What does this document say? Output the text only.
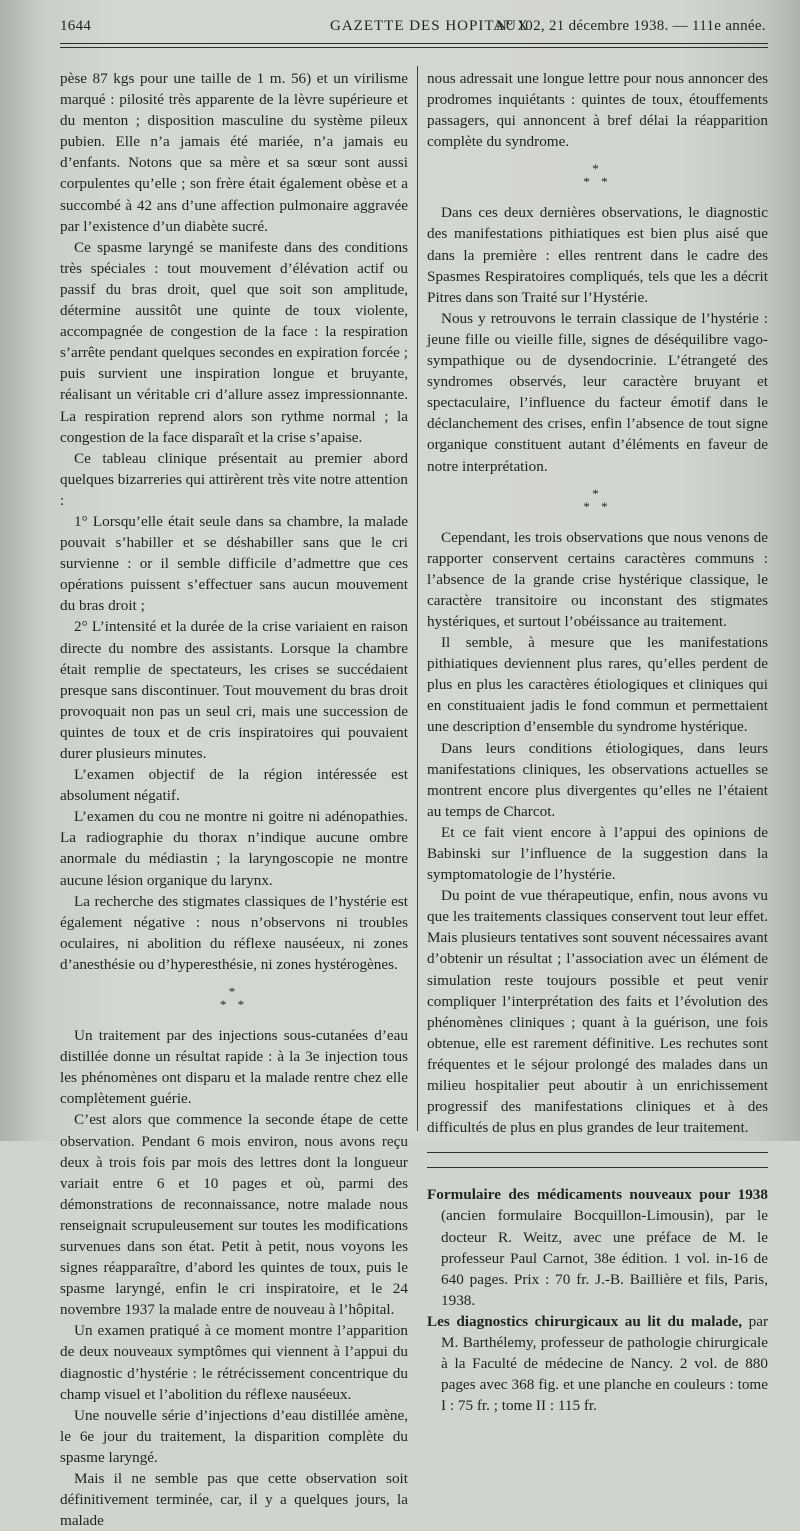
1644	GAZETTE DES HOPITAUX
N° 102, 21 décembre 1938. — 111e année.

pèse 87 kgs pour une taille de 1 m. 56) et un virilisme marqué : pilosité très apparente de la lèvre supérieure et du menton ; disposition masculine du système pileux pubien. Elle n’a jamais été mariée, n’a jamais eu d’enfants. Notons que sa mère et sa sœur sont aussi corpulentes qu’elle ; son frère était également obèse et a succombé à 42 ans d’une affection pulmonaire aggravée par l’existence d’un diabète sucré.

Ce spasme laryngé se manifeste dans des conditions très spéciales : tout mouvement d’élévation actif ou passif du bras droit, quel que soit son amplitude, détermine aussitôt une quinte de toux violente, accompagnée de congestion de la face : la respiration s’arrête pendant quelques secondes en expiration forcée ; puis survient une inspiration longue et bruyante, réalisant un véritable cri d’allure assez impressionnante. La respiration reprend alors son rythme normal ; la congestion de la face disparaît et la crise s’apaise.

Ce tableau clinique présentait au premier abord quelques bizarreries qui attirèrent très vite notre attention :

1° Lorsqu’elle était seule dans sa chambre, la malade pouvait s’habiller et se déshabiller sans que le cri survienne : or il semble difficile d’admettre que ces opérations puissent s’effectuer sans aucun mouvement du bras droit ;

2° L’intensité et la durée de la crise variaient en raison directe du nombre des assistants. Lorsque la chambre était remplie de spectateurs, les crises se succédaient presque sans discontinuer. Tout mouvement du bras droit provoquait non pas un seul cri, mais une succession de quintes de toux et de cris inspiratoires qui pouvaient durer plusieurs minutes.

L’examen objectif de la région intéressée est absolument négatif.

L’examen du cou ne montre ni goitre ni adénopathies. La radiographie du thorax n’indique aucune ombre anormale du médiastin ; la laryngoscopie ne montre aucune lésion organique du larynx.

La recherche des stigmates classiques de l’hystérie est également négative : nous n’observons ni troubles oculaires, ni abolition du réflexe nauséeux, ni zones d’anesthésie ou d’hyperesthésie, ni zones hystérogènes.

*
* *

Un traitement par des injections sous-cutanées d’eau distillée donne un résultat rapide : à la 3e injection tous les phénomènes ont disparu et la malade rentre chez elle complètement guérie.

C’est alors que commence la seconde étape de cette observation. Pendant 6 mois environ, nous avons reçu deux à trois fois par mois des lettres dont la longueur variait entre 6 et 10 pages et où, parmi des démonstrations de reconnaissance, notre malade nous renseignait scrupuleusement sur toutes les modifications survenues dans son état. Petit à petit, nous voyons les signes réapparaître, d’abord les quintes de toux, puis le spasme laryngé, enfin le cri inspiratoire, et le 24 novembre 1937 la malade entre de nouveau à l’hôpital.

Un examen pratiqué à ce moment montre l’apparition de deux nouveaux symptômes qui viennent à l’appui du diagnostic d’hystérie : le rétrécissement concentrique du champ visuel et l’abolition du réflexe nauséeux.

Une nouvelle série d’injections d’eau distillée amène, le 6e jour du traitement, la disparition complète du spasme laryngé.

Mais il ne semble pas que cette observation soit définitivement terminée, car, il y a quelques jours, la malade

nous adressait une longue lettre pour nous annoncer des prodromes inquiétants : quintes de toux, étouffements passagers, qui annoncent à bref délai la réapparition complète du syndrome.

*
* *

Dans ces deux dernières observations, le diagnostic des manifestations pithiatiques est bien plus aisé que dans la première : elles rentrent dans le cadre des Spasmes Respiratoires compliqués, tels que les a décrit Pitres dans son Traité sur l’Hystérie.

Nous y retrouvons le terrain classique de l’hystérie : jeune fille ou vieille fille, signes de déséquilibre vago-sympathique ou de dysendocrinie. L’étrangeté des syndromes observés, leur caractère bruyant et spectaculaire, l’influence du facteur émotif dans le déclanchement des crises, enfin l’absence de tout signe organique constituent autant d’éléments en faveur de notre interprétation.

*
* *

Cependant, les trois observations que nous venons de rapporter conservent certains caractères communs : l’absence de la grande crise hystérique classique, le caractère transitoire ou inconstant des stigmates hystériques, et surtout l’obéissance au traitement.

Il semble, à mesure que les manifestations pithiatiques deviennent plus rares, qu’elles perdent de plus en plus les caractères étiologiques et cliniques qui en constituaient jadis le fond commun et permettaient une description d’ensemble du syndrome hystérique.

Dans leurs conditions étiologiques, dans leurs manifestations cliniques, les observations actuelles se montrent encore plus divergentes qu’elles ne l’étaient au temps de Charcot.

Et ce fait vient encore à l’appui des opinions de Babinski sur l’influence de la suggestion dans la symptomatologie de l’hystérie.

Du point de vue thérapeutique, enfin, nous avons vu que les traitements classiques conservent tout leur effet. Mais plusieurs tentatives sont souvent nécessaires avant d’obtenir un résultat ; l’association avec un élément de simulation reste toujours possible et peut venir compliquer l’interprétation des faits et l’évolution des phénomènes cliniques ; quant à la guérison, une fois obtenue, elle est rarement définitive. Les rechutes sont fréquentes et le séjour prolongé des malades dans un milieu hospitalier peut aboutir à un enrichissement progressif des manifestations cliniques et à des difficultés de plus en plus grandes de leur traitement.

Formulaire des médicaments nouveaux pour 1938 (ancien formulaire Bocquillon-Limousin), par le docteur R. Weitz, avec une préface de M. le professeur Paul Carnot, 38e édition. 1 vol. in-16 de 640 pages. Prix : 70 fr. J.-B. Baillière et fils, Paris, 1938.

Les diagnostics chirurgicaux au lit du malade, par M. Barthélemy, professeur de pathologie chirurgicale à la Faculté de médecine de Nancy. 2 vol. de 880 pages avec 368 fig. et une planche en couleurs : tome I : 75 fr. ; tome II : 115 fr.
